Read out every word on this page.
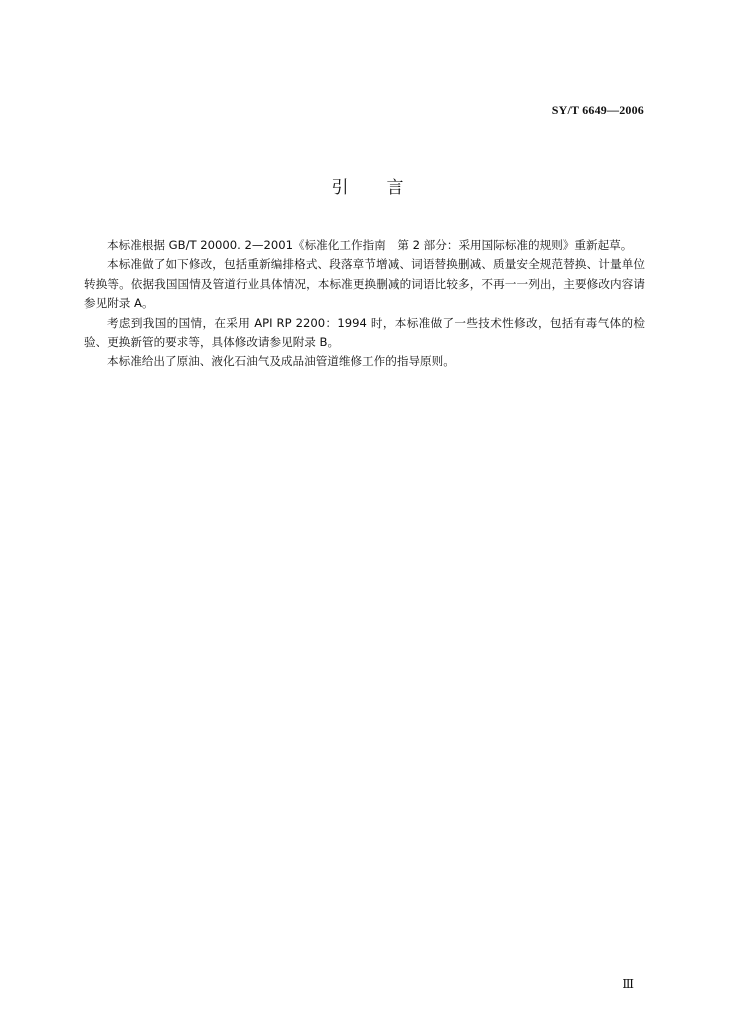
SY/T 6649—2006
引言

本标准根据 GB/T 20000. 2—2001《标准化工作指南　第 2 部分：采用国际标准的规则》重新起草。

本标准做了如下修改，包括重新编排格式、段落章节增减、词语替换删减、质量安全规范替换、计量单位转换等。依据我国国情及管道行业具体情况，本标准更换删减的词语比较多，不再一一列出，主要修改内容请参见附录 A。

考虑到我国的国情，在采用 API RP 2200：1994 时，本标准做了一些技术性修改，包括有毒气体的检验、更换新管的要求等，具体修改请参见附录 B。

本标准给出了原油、液化石油气及成品油管道维修工作的指导原则。

Ⅲ
